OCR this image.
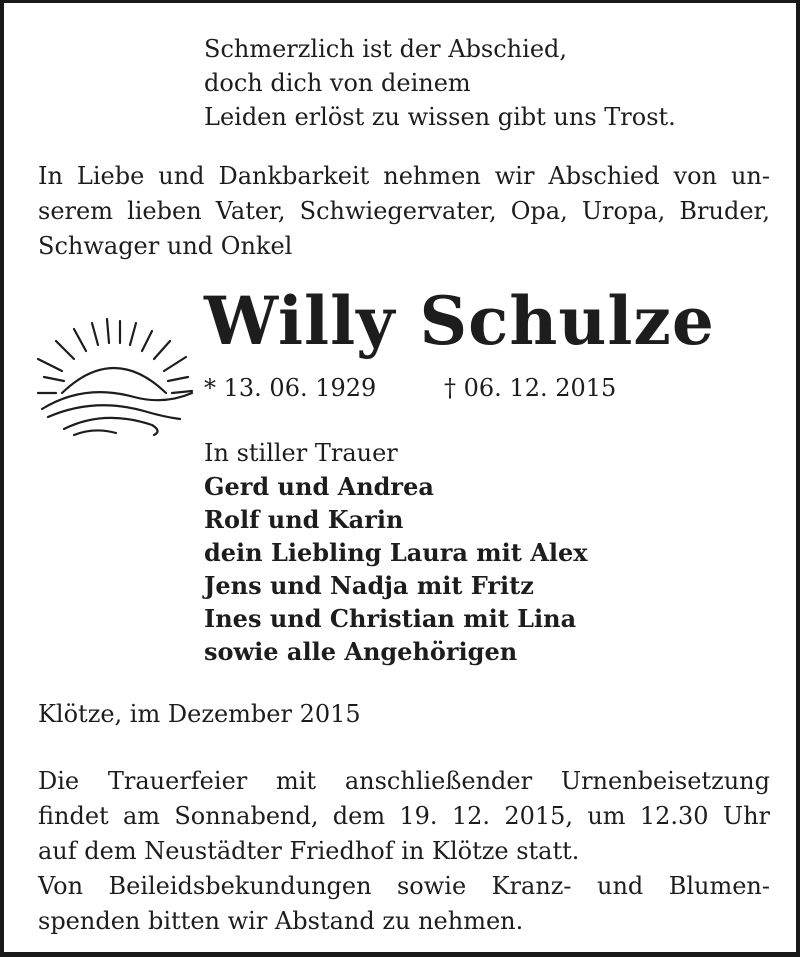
Schmerzlich ist der Abschied,
doch dich von deinem
Leiden erlöst zu wissen gibt uns Trost.
In Liebe und Dankbarkeit nehmen wir Abschied von un-
serem lieben Vater, Schwiegervater, Opa, Uropa, Bruder,
Schwager und Onkel
Willy Schulze
* 13. 06. 1929	† 06. 12. 2015
In stiller Trauer
Gerd und Andrea
Rolf und Karin
dein Liebling Laura mit Alex
Jens und Nadja mit Fritz
Ines und Christian mit Lina
sowie alle Angehörigen
Klötze, im Dezember 2015
Die Trauerfeier mit anschließender Urnenbeisetzung
findet am Sonnabend, dem 19. 12. 2015, um 12.30 Uhr
auf dem Neustädter Friedhof in Klötze statt.
Von Beileidsbekundungen sowie Kranz- und Blumen-
spenden bitten wir Abstand zu nehmen.
